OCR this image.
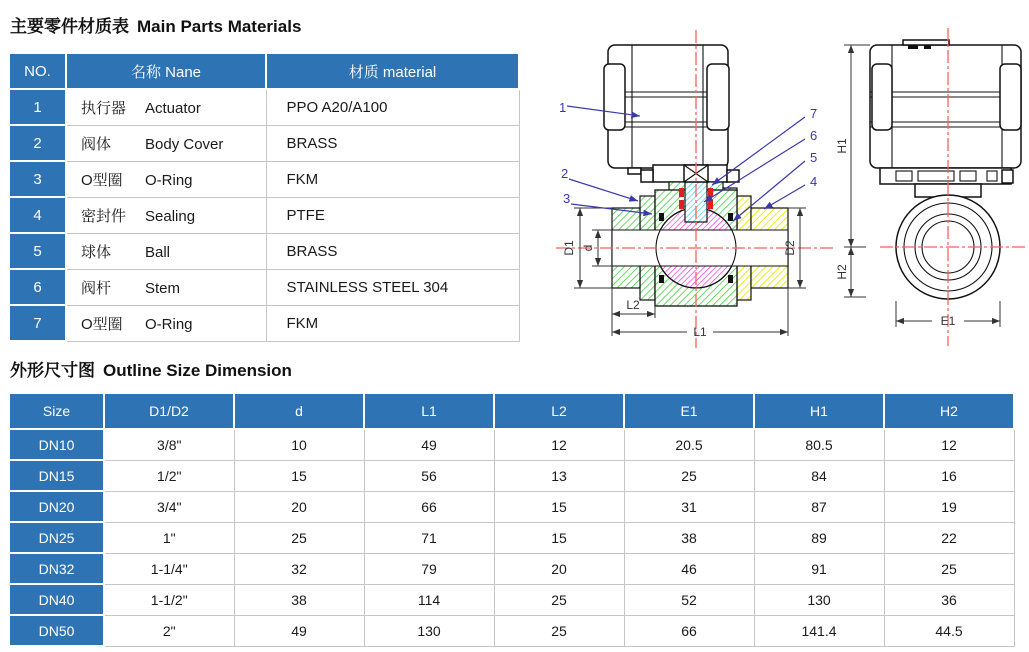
主要零件材质表 Main Parts Materials
NO.	名称 Nane	材质 material
1	执行器 Actuator	PPO A20/A100
2	阀体 Body Cover	BRASS
3	O型圈 O-Ring	FKM
4	密封件 Sealing	PTFE
5	球体 Ball	BRASS
6	阀杆 Stem	STAINLESS STEEL 304
7	O型圈 O-Ring	FKM
外形尺寸图 Outline Size Dimension
Size	D1/D2	d	L1	L2	E1	H1	H2
DN10	3/8"	10	49	12	20.5	80.5	12
DN15	1/2"	15	56	13	25	84	16
DN20	3/4"	20	66	15	31	87	19
DN25	1"	25	71	15	38	89	22
DN32	1-1/4"	32	79	20	46	91	25
DN40	1-1/2"	38	114	25	52	130	36
DN50	2"	49	130	25	66	141.4	44.5
D1 d	D2
L2
L1
1
2
3
7
6
5
4
H1
H2
E1
